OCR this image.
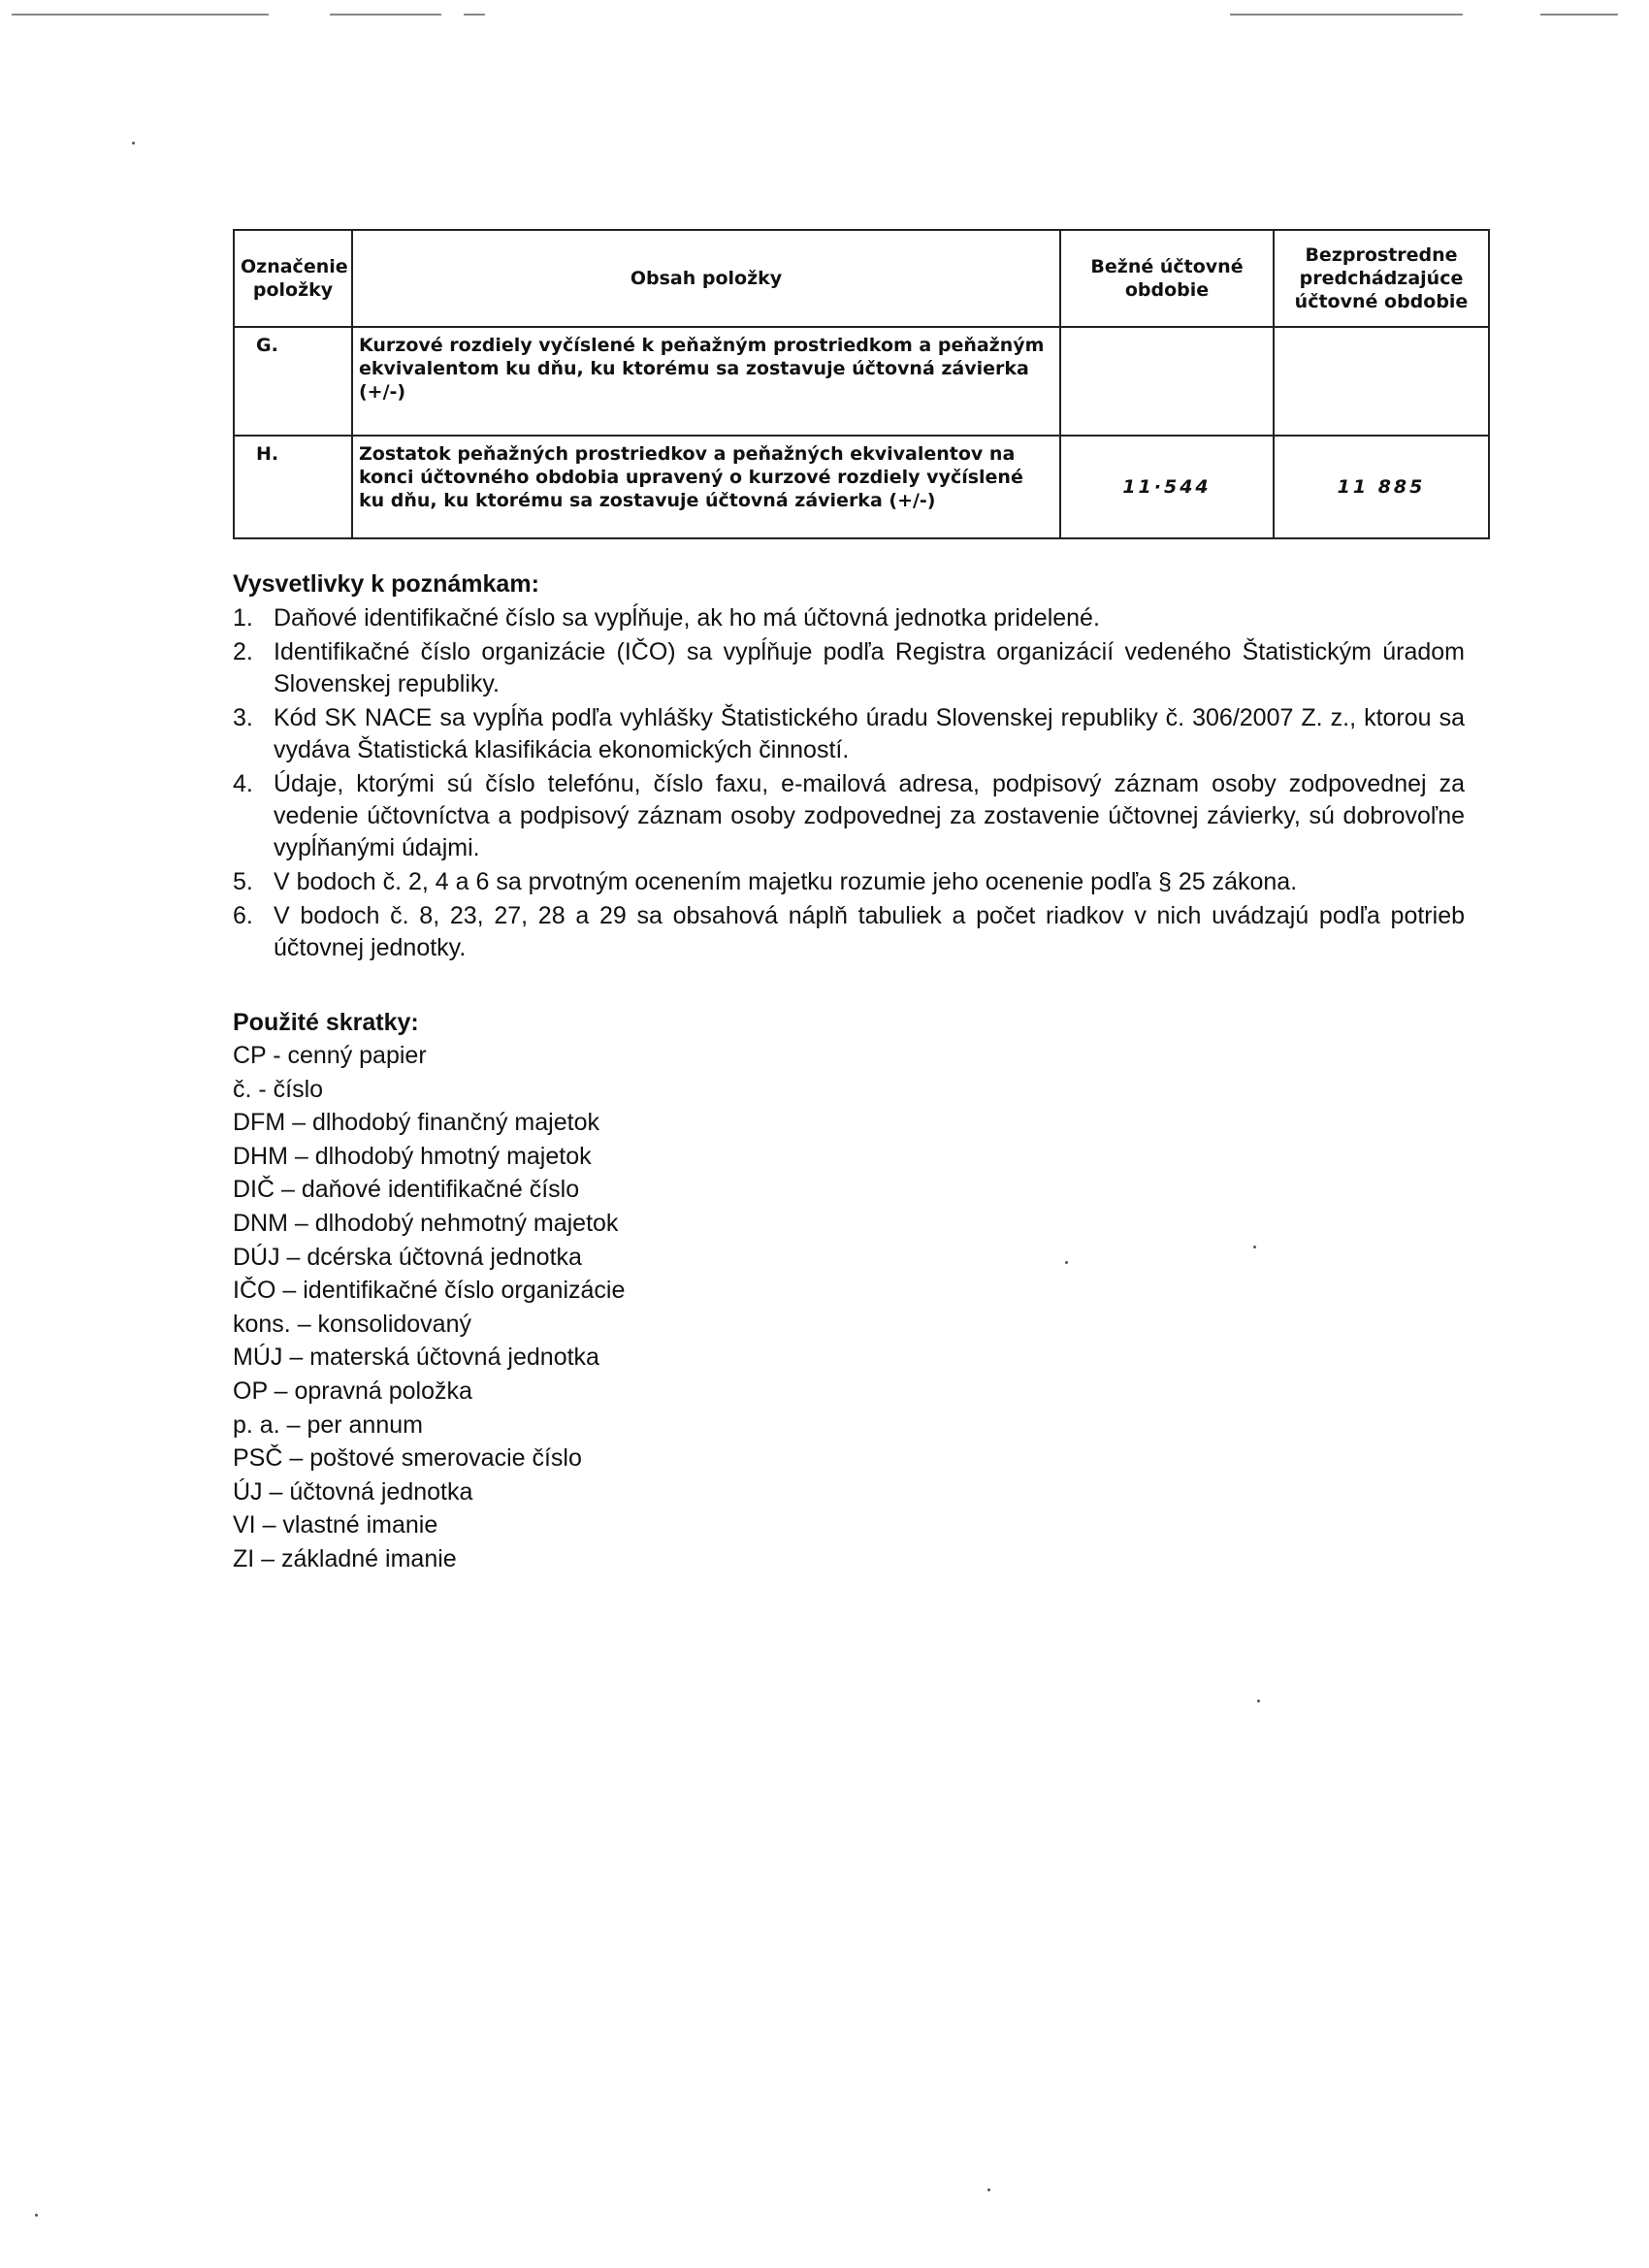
Označenie položky	Obsah položky	Bežné účtovné obdobie	Bezprostredne predchádzajúce účtovné obdobie
G.	Kurzové rozdiely vyčíslené k peňažným prostriedkom a peňažným ekvivalentom ku dňu, ku ktorému sa zostavuje účtovná závierka (+/-)		
H.	Zostatok peňažných prostriedkov a peňažných ekvivalentov na konci účtovného obdobia upravený o kurzové rozdiely vyčíslené ku dňu, ku ktorému sa zostavuje účtovná závierka (+/-)	11·544	11 885
Vysvetlivky k poznámkam:
1. Daňové identifikačné číslo sa vypĺňuje, ak ho má účtovná jednotka pridelené.
2. Identifikačné číslo organizácie (IČO) sa vypĺňuje podľa Registra organizácií vedeného Štatistickým úradom Slovenskej republiky.
3. Kód SK NACE sa vypĺňa podľa vyhlášky Štatistického úradu Slovenskej republiky č. 306/2007 Z. z., ktorou sa vydáva Štatistická klasifikácia ekonomických činností.
4. Údaje, ktorými sú číslo telefónu, číslo faxu, e-mailová adresa, podpisový záznam osoby zodpovednej za vedenie účtovníctva a podpisový záznam osoby zodpovednej za zostavenie účtovnej závierky, sú dobrovoľne vypĺňanými údajmi.
5. V bodoch č. 2, 4 a 6 sa prvotným ocenením majetku rozumie jeho ocenenie podľa § 25 zákona.
6. V bodoch č. 8, 23, 27, 28 a 29 sa obsahová náplň tabuliek a počet riadkov v nich uvádzajú podľa potrieb účtovnej jednotky.
Použité skratky:
CP - cenný papier
č. - číslo
DFM – dlhodobý finančný majetok
DHM – dlhodobý hmotný majetok
DIČ – daňové identifikačné číslo
DNM – dlhodobý nehmotný majetok
DÚJ – dcérska účtovná jednotka
IČO – identifikačné číslo organizácie
kons. – konsolidovaný
MÚJ – materská účtovná jednotka
OP – opravná položka
p. a. – per annum
PSČ – poštové smerovacie číslo
ÚJ – účtovná jednotka
VI – vlastné imanie
ZI – základné imanie
